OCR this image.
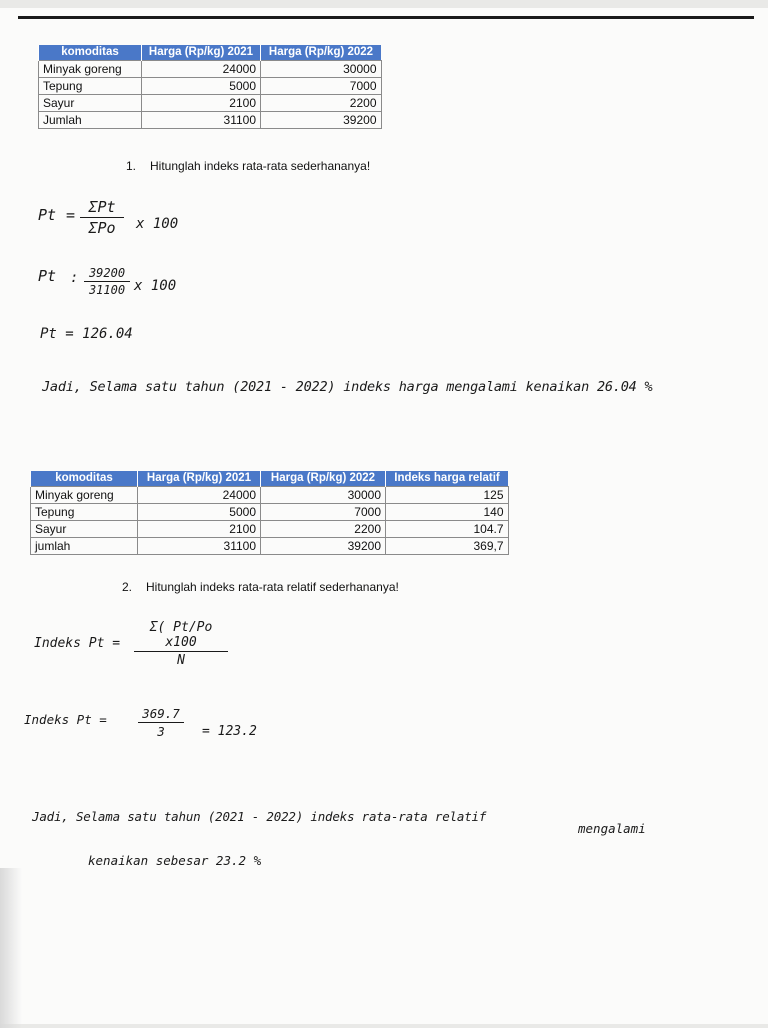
komoditas	Harga (Rp/kg) 2021	Harga (Rp/kg) 2022
Minyak goreng	24000	30000
Tepung	5000	7000
Sayur	2100	2200
Jumlah	31100	39200
1. Hitunglah indeks rata-rata sederhananya!
Pt = ΣPt
ΣPo	x 100
Pt : 39200
31100 x 100
Pt = 126.04
Jadi, Selama satu tahun (2021 - 2022) indeks harga mengalami kenaikan 26.04 %
komoditas	Harga (Rp/kg) 2021	Harga (Rp/kg) 2022	Indeks harga relatif
Minyak goreng	24000	30000	125
Tepung	5000	7000	140
Sayur	2100	2200	104.7
jumlah	31100	39200	369,7
2. Hitunglah indeks rata-rata relatif sederhananya!
Indeks Pt =
Σ( Pt/Po x100
N
Indeks Pt =	369.7
3	= 123.2
Jadi, Selama satu tahun (2021 - 2022) indeks rata-rata relatif
mengalami
kenaikan sebesar 23.2 %
